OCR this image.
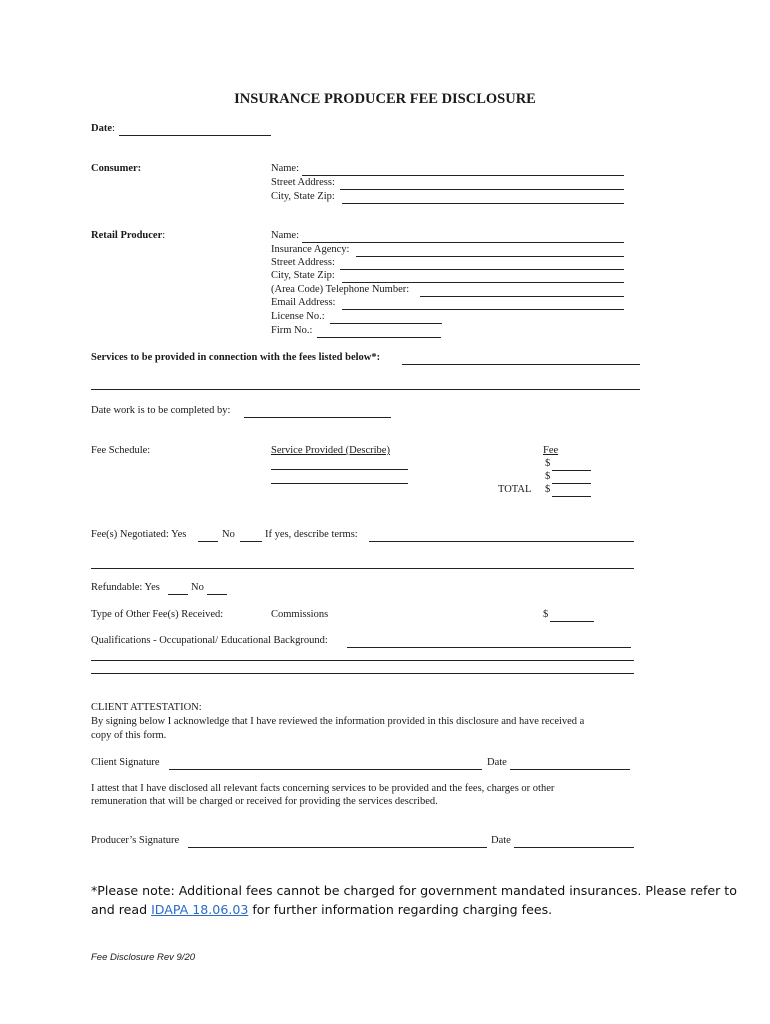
INSURANCE PRODUCER FEE DISCLOSURE
Date:
Consumer:	Name:
Street Address:
City, State Zip:
Retail Producer:	Name:
Insurance Agency:
Street Address:
City, State Zip:
(Area Code) Telephone Number:
Email Address:
License No.:
Firm No.:
Services to be provided in connection with the fees listed below*:
Date work is to be completed by:
Fee Schedule:	Service Provided (Describe)	Fee
$
$
TOTAL $
Fee(s) Negotiated: Yes	No	If yes, describe terms:
Refundable: Yes	No
Type of Other Fee(s) Received:	Commissions	$
Qualifications - Occupational/ Educational Background:
CLIENT ATTESTATION:
By signing below I acknowledge that I have reviewed the information provided in this disclosure and have received a
copy of this form.
Client Signature	Date
I attest that I have disclosed all relevant facts concerning services to be provided and the fees, charges or other
remuneration that will be charged or received for providing the services described.
Producer’s Signature	Date
*Please note: Additional fees cannot be charged for government mandated insurances. Please refer to
and read IDAPA 18.06.03 for further information regarding charging fees.
Fee Disclosure Rev 9/20
